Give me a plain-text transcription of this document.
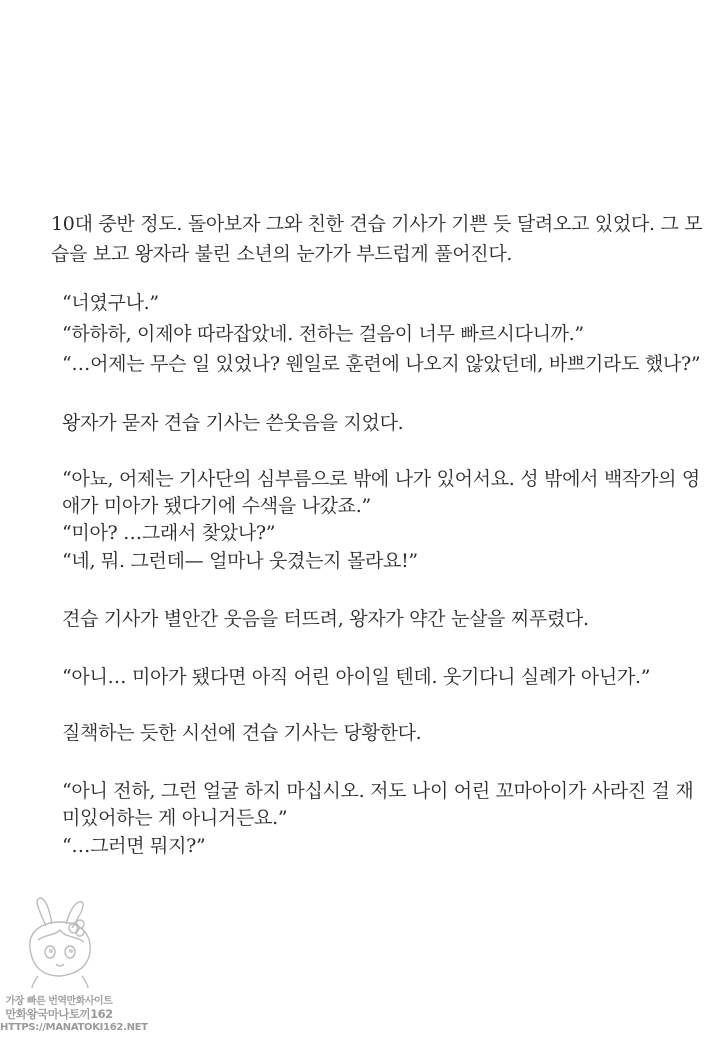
10대 중반 정도. 돌아보자 그와 친한 견습 기사가 기쁜 듯 달려오고 있었다. 그 모
습을 보고 왕자라 불린 소년의 눈가가 부드럽게 풀어진다.
“너였구나.”
“하하하, 이제야 따라잡았네. 전하는 걸음이 너무 빠르시다니까.”
“…어제는 무슨 일 있었나? 웬일로 훈련에 나오지 않았던데, 바쁘기라도 했나?”
왕자가 묻자 견습 기사는 쓴웃음을 지었다.
“아뇨, 어제는 기사단의 심부름으로 밖에 나가 있어서요. 성 밖에서 백작가의 영
애가 미아가 됐다기에 수색을 나갔죠.”
“미아? …그래서 찾았나?”
“네, 뭐. 그런데— 얼마나 웃겼는지 몰라요!”
견습 기사가 별안간 웃음을 터뜨려, 왕자가 약간 눈살을 찌푸렸다.
“아니… 미아가 됐다면 아직 어린 아이일 텐데. 웃기다니 실례가 아닌가.”
질책하는 듯한 시선에 견습 기사는 당황한다.
“아니 전하, 그런 얼굴 하지 마십시오. 저도 나이 어린 꼬마아이가 사라진 걸 재
미있어하는 게 아니거든요.”
“…그러면 뭐지?”
가장 빠른 번역만화사이트
만화왕국마나토끼162
HTTPS://MANATOKI162.NET
